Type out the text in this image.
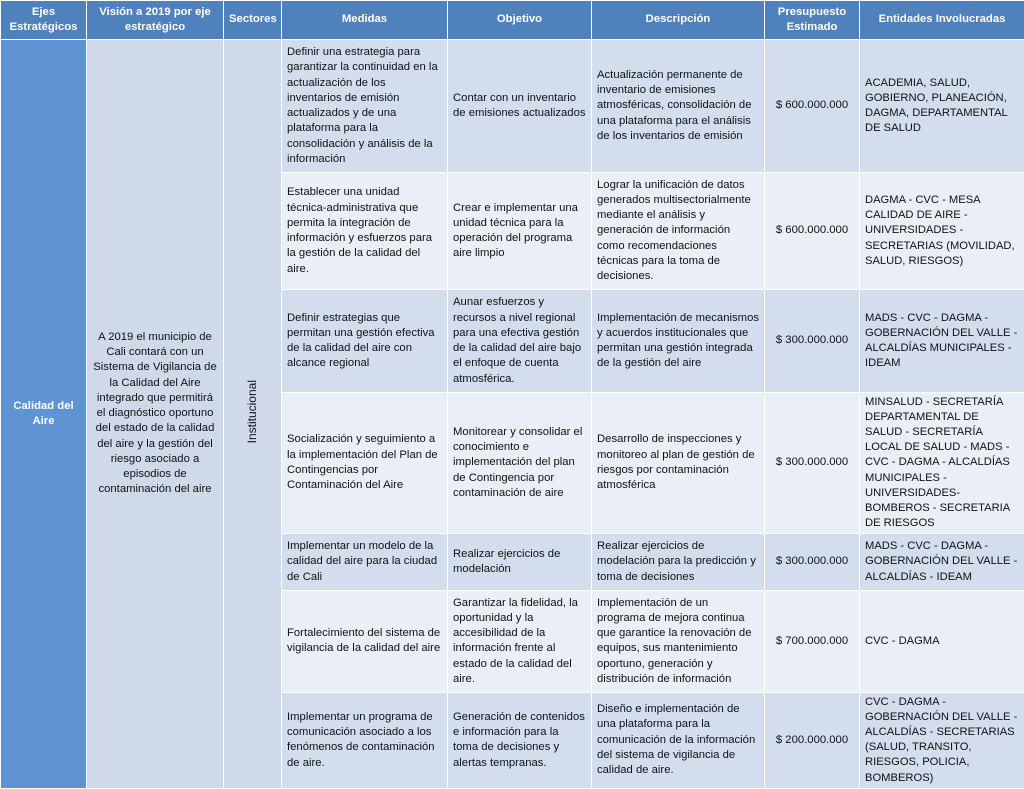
Ejes Estratégicos	Visión a 2019 por eje estratégico	Sectores	Medidas	Objetivo	Descripción	Presupuesto Estimado	Entidades Involucradas
Calidad del Aire	A 2019 el municipio de Cali contará con un Sistema de Vigilancia de la Calidad del Aire integrado que permitirá el diagnóstico oportuno del estado de la calidad del aire y la gestión del riesgo asociado a episodios de contaminación del aire	Institucional	Definir una estrategia para garantizar la continuidad en la actualización de los inventarios de emisión actualizados y de una plataforma para la consolidación y análisis de la información	Contar con un inventario de emisiones actualizados	Actualización permanente de inventario de emisiones atmosféricas, consolidación de una plataforma para el análisis de los inventarios de emisión	$ 600.000.000	ACADEMIA, SALUD, GOBIERNO, PLANEACIÓN, DAGMA, DEPARTAMENTAL DE SALUD
			Establecer una unidad técnica-administrativa que permita la integración de información y esfuerzos para la gestión de la calidad del aire.	Crear e implementar una unidad técnica para la operación del programa aire limpio	Lograr la unificación de datos generados multisectorialmente mediante el análisis y generación de información como recomendaciones técnicas para la toma de decisiones.	$ 600.000.000	DAGMA - CVC - MESA CALIDAD DE AIRE - UNIVERSIDADES - SECRETARIAS (MOVILIDAD, SALUD, RIESGOS)
			Definir estrategias que permitan una gestión efectiva de la calidad del aire con alcance regional	Aunar esfuerzos y recursos a nivel regional para una efectiva gestión de la calidad del aire bajo el enfoque de cuenta atmosférica.	Implementación de mecanismos y acuerdos institucionales que permitan una gestión integrada de la gestión del aire	$ 300.000.000	MADS - CVC - DAGMA - GOBERNACIÓN DEL VALLE - ALCALDÍAS MUNICIPALES - IDEAM
			Socialización y seguimiento a la implementación del Plan de Contingencias por Contaminación del Aire	Monitorear y consolidar el conocimiento e implementación del plan de Contingencia por contaminación de aire	Desarrollo de inspecciones y monitoreo al plan de gestión de riesgos por contaminación atmosférica	$ 300.000.000	MINSALUD - SECRETARÍA DEPARTAMENTAL DE SALUD - SECRETARÍA LOCAL DE SALUD - MADS - CVC - DAGMA - ALCALDÍAS MUNICIPALES - UNIVERSIDADES- BOMBEROS - SECRETARIA DE RIESGOS
			Implementar un modelo de la calidad del aire para la ciudad de Cali	Realizar ejercicios de modelación	Realizar ejercicios de modelación para la predicción y toma de decisiones	$ 300.000.000	MADS - CVC - DAGMA - GOBERNACIÓN DEL VALLE - ALCALDÍAS - IDEAM
			Fortalecimiento del sistema de vigilancia de la calidad del aire	Garantizar la fidelidad, la oportunidad y la accesibilidad de la información frente al estado de la calidad del aire.	Implementación de un programa de mejora continua que garantice la renovación de equipos, sus mantenimiento oportuno, generación y distribución de información	$ 700.000.000	CVC - DAGMA
			Implementar un programa de comunicación asociado a los fenómenos de contaminación de aire.	Generación de contenidos e información para la toma de decisiones y alertas tempranas.	Diseño e implementación de una plataforma para la comunicación de la información del sistema de vigilancia de calidad de aire.	$ 200.000.000	CVC - DAGMA - GOBERNACIÓN DEL VALLE - ALCALDÍAS - SECRETARIAS (SALUD, TRANSITO, RIESGOS, POLICIA, BOMBEROS)
